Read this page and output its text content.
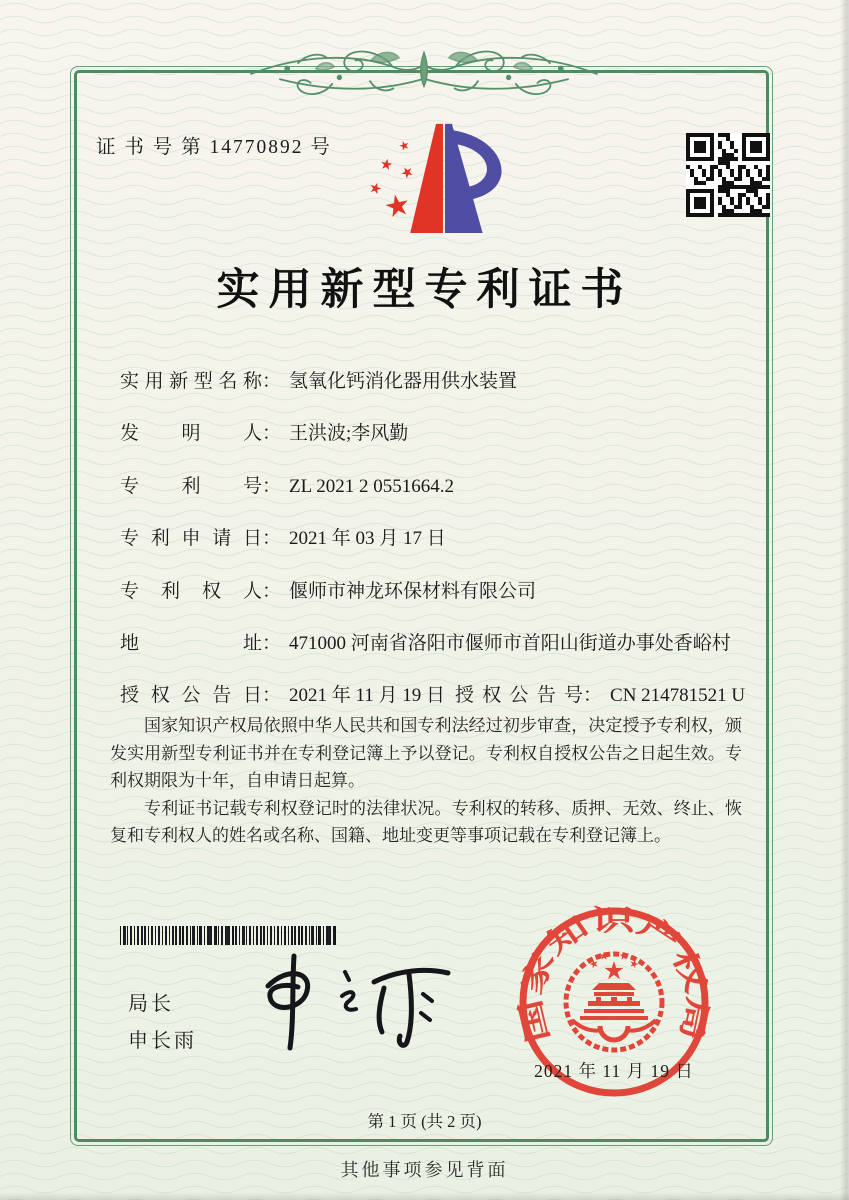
证 书 号 第 14770892 号
实用新型专利证书
实用新型名称： 氢氧化钙消化器用供水装置
发明人： 王洪波;李风勤
专利号： ZL 2021 2 0551664.2
专利申请日： 2021 年 03 月 17 日
专利权人： 偃师市神龙环保材料有限公司
地址： 471000 河南省洛阳市偃师市首阳山街道办事处香峪村
授权公告日： 2021 年 11 月 19 日 授权公告号： CN 214781521 U

国家知识产权局依照中华人民共和国专利法经过初步审查，决定授予专利权，颁发实用新型专利证书并在专利登记簿上予以登记。专利权自授权公告之日起生效。专利权期限为十年，自申请日起算。

专利证书记载专利权登记时的法律状况。专利权的转移、质押、无效、终止、恢复和专利权人的姓名或名称、国籍、地址变更等事项记载在专利登记簿上。

局长
申长雨	国家知识产权局
2021 年 11 月 19 日
第 1 页 (共 2 页)
其他事项参见背面
